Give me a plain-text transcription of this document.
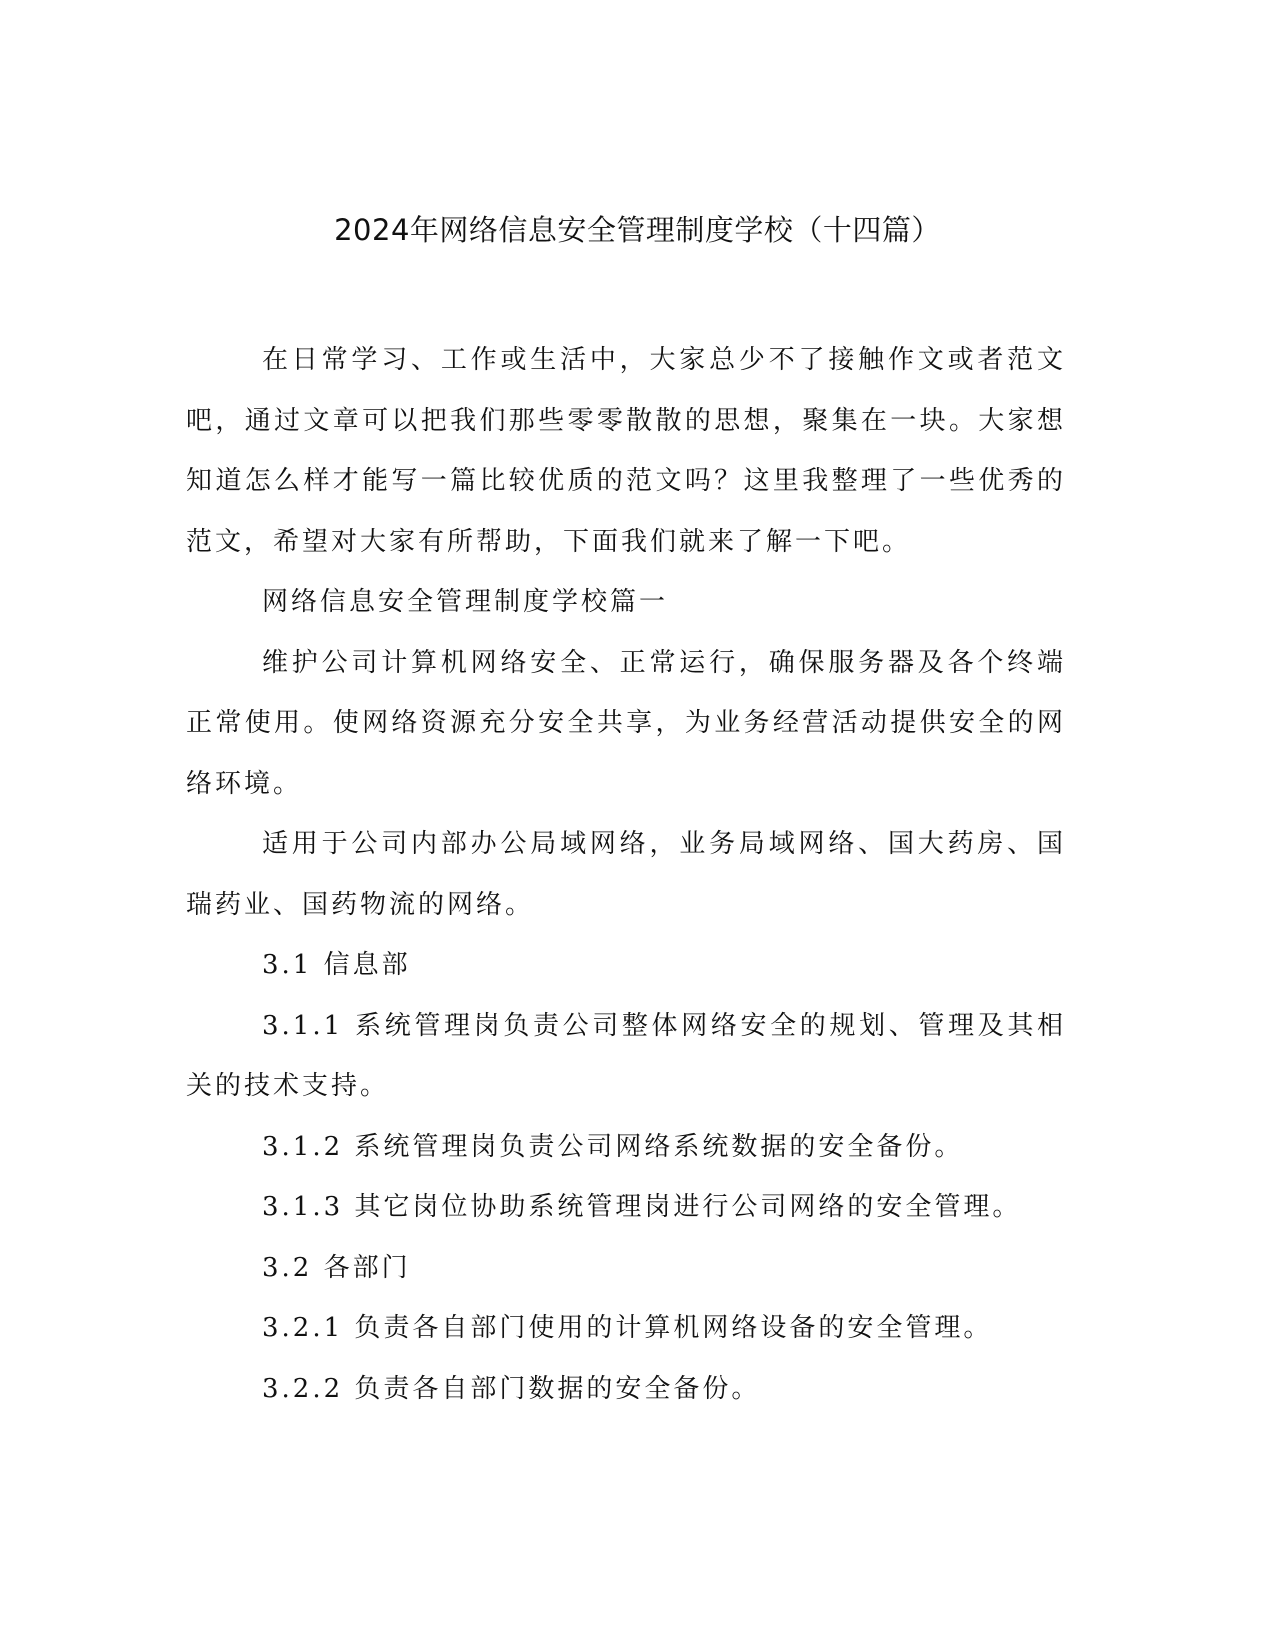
2024年网络信息安全管理制度学校（十四篇）

在日常学习、工作或生活中，大家总少不了接触作文或者范文吧，通过文章可以把我们那些零零散散的思想，聚集在一块。大家想知道怎么样才能写一篇比较优质的范文吗？这里我整理了一些优秀的范文，希望对大家有所帮助，下面我们就来了解一下吧。

网络信息安全管理制度学校篇一

维护公司计算机网络安全、正常运行，确保服务器及各个终端正常使用。使网络资源充分安全共享，为业务经营活动提供安全的网络环境。

适用于公司内部办公局域网络，业务局域网络、国大药房、国瑞药业、国药物流的网络。

3.1 信息部

3.1.1 系统管理岗负责公司整体网络安全的规划、管理及其相关的技术支持。

3.1.2 系统管理岗负责公司网络系统数据的安全备份。

3.1.3 其它岗位协助系统管理岗进行公司网络的安全管理。

3.2 各部门

3.2.1 负责各自部门使用的计算机网络设备的安全管理。

3.2.2 负责各自部门数据的安全备份。
